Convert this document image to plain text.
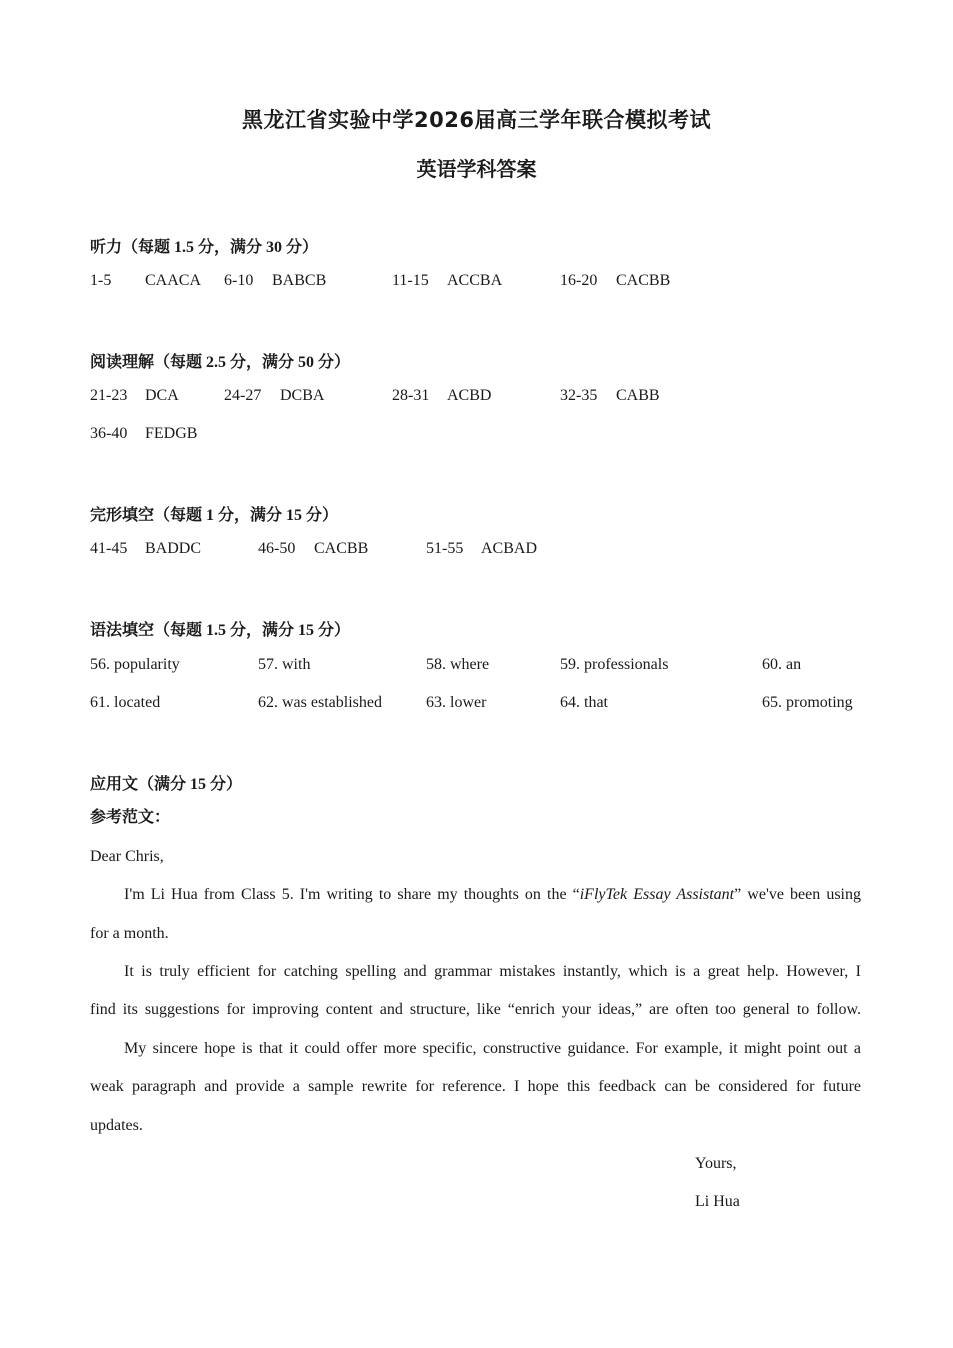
黑龙江省实验中学2026届高三学年联合模拟考试
英语学科答案
听力（每题 1.5 分，满分 30 分）
1-5 CAACA 6-10 BABCB	11-15 ACCBA	16-20 CACBB
阅读理解（每题 2.5 分，满分 50 分）
21-23 DCA	24-27 DCBA	28-31 ACBD	32-35 CABB
36-40 FEDGB
完形填空（每题 1 分，满分 15 分）
41-45 BADDC	46-50 CACBB	51-55 ACBAD
语法填空（每题 1.5 分，满分 15 分）
56. popularity	57. with	58. where	59. professionals	60. an
61. located	62. was established	63. lower	64. that	65. promoting
应用文（满分 15 分）
参考范文：
Dear Chris,
I'm Li Hua from Class 5. I'm writing to share my thoughts on the “iFlyTek Essay Assistant” we've been using
for a month.
It is truly efficient for catching spelling and grammar mistakes instantly, which is a great help. However, I
find its suggestions for improving content and structure, like “enrich your ideas,” are often too general to follow.
My sincere hope is that it could offer more specific, constructive guidance. For example, it might point out a
weak paragraph and provide a sample rewrite for reference. I hope this feedback can be considered for future
updates.
Yours,
Li Hua
